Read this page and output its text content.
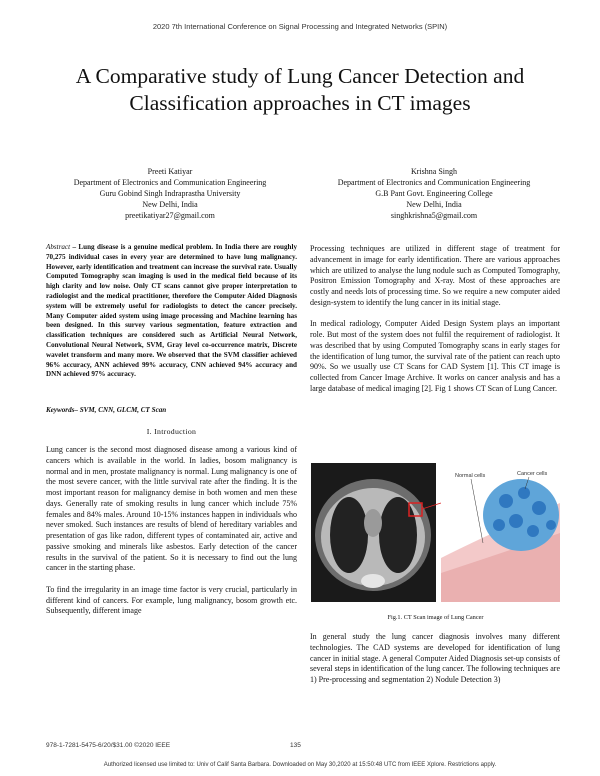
2020 7th International Conference on Signal Processing and Integrated Networks (SPIN)
A Comparative study of Lung Cancer Detection and Classification approaches in CT images
Preeti Katiyar
Department of Electronics and Communication Engineering
Guru Gobind Singh Indraprastha University
New Delhi, India
preetikatiyar27@gmail.com
Krishna Singh
Department of Electronics and Communication Engineering
G.B Pant Govt. Engineering College
New Delhi, India
singhkrishna5@gmail.com
Abstract – Lung disease is a genuine medical problem. In India there are roughly 70,275 individual cases in every year are determined to have lung malignancy. However, early identification and treatment can increase the survival rate. Usually Computed Tomography scan imaging is used in the medical field because of its high clarity and low noise. Only CT scans cannot give proper interpretation to radiologist and the medical practitioner, therefore the Computer Aided Diagnosis system will be extremely useful for radiologists to detect the cancer precisely. Many Computer aided system using image processing and Machine learning has been designed. In this survey various segmentation, feature extraction and classification techniques are considered such as Artificial Neural Network, Convolutional Neural Network, SVM, Gray level co-occurrence matrix, Discrete wavelet transform and many more. We observed that the SVM classifier achieved 96% accuracy, ANN achieved 99% accuracy, CNN achieved 94% accuracy and DNN achieved 97% accuracy.
Keywords– SVM, CNN, GLCM, CT Scan
I. Introduction

Lung cancer is the second most diagnosed disease among a various kind of cancers which is available in the world. In ladies, bosom malignancy is normal and in men, prostate malignancy is normal. Lung malignancy is one of the most severe cancer, with the little survival rate after the finding. It is the most important reason for malignancy demise in both women and men these days. Generally rate of smoking results in lung cancer which include 75% females and 84% males. Around 10-15% instances happen in individuals who never smoked. Such instances are results of blend of hereditary variables and presentation of gas like radon, different types of contaminated air, active and passive smoking and minerals like asbestos. Early detection of the cancer results in the survival of the patient. So it is necessary to find out the lung cancer in the starting phase.

To find the irregularity in an image time factor is very crucial, particularly in different kind of cancers. For example, lung malignancy, bosom growth etc. Subsequently, different image

Processing techniques are utilized in different stage of treatment for advancement in image for early identification. There are various approaches which are utilized to analyse the lung nodule such as Computed Tomography, Positron Emission Tomography and X-ray. Most of these approaches are costly and needs lots of processing time. So we require a new computer aided design-system to identify the lung cancer in its initial stage.

In medical radiology, Computer Aided Design System plays an important role. But most of the system does not fulfil the requirement of radiologist. It was described that by using Computed Tomography scans in early stages for the identification of lung tumor, the survival rate of the patient can reach upto 90%. So we usually use CT Scans for CAD System [1]. This CT image is collected from Cancer Image Archive. It works on cancer analysis and has a large database of medical imaging [2]. Fig 1 shows CT Scan of Lung Cancer.

Normal cells	Cancer cells
Fig.1. CT Scan image of Lung Cancer
In general study the lung cancer diagnosis involves many different technologies. The CAD systems are developed for identification of lung cancer in initial stage. A general Computer Aided Diagnosis set-up consists of several steps in identification of the lung cancer. The following techniques are 1) Pre-processing and segmentation 2) Nodule Detection 3)
978-1-7281-5475-6/20/$31.00 ©2020 IEEE	135
Authorized licensed use limited to: Univ of Calif Santa Barbara. Downloaded on May 30,2020 at 15:50:48 UTC from IEEE Xplore. Restrictions apply.
